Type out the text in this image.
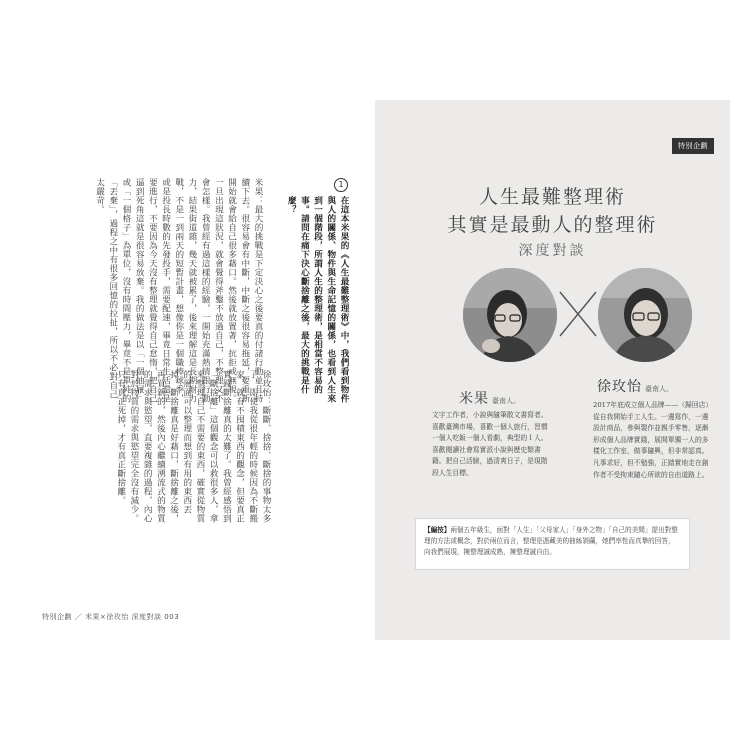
1
在這本米果的《人生最難整理術》中，我們看到物件與人的關係、物件與生命記憶的關係，也看到人生來到一個階段，所謂人生的整理術，是相當不容易的事。請問在痛下決心斷捨離之後，最大的挑戰是什麼？
米果：最大的挑戰是下定決心之後要真的付諸行動並且持續下去。很容易會有中斷，中斷之後很容易拖延，要重新開始就會給自己很多藉口。然後就放置著，抗拒或無視。一旦出現這狀況，就會覺得斧鑿不放過自己，不整理又不會怎樣。我曾經有過這樣的經驗，一開始充滿熱情跟行動力，結果街道雜，幾天就被累了，後來理解這是長期耐力戰，不是一到兩天的短暫計畫，想像你是一個職棒球季，或是投長時數的先發投手，需要配速，畢竟日常生活還是要進行，不要因為今天沒有整理就覺得自己怠惰，把自己逼到死角這就是很容易放棄。我的做法是以「一個抽屜」或「一個格子」為單位，沒有時間壓力，畢竟不是單純的「丟棄」，過程之中有很多回憶的拉扯，所以不必對自己太嚴苛。
徐玫怡：斷斷、捨捨、斷捨的事物太多了，即使我從很年輕的時候因為不斷搬家，就有不囤積東西的觀念，但要真正實踐斷捨離真的太難了。我曾經感悟到「斷捨離」這個觀念可以救很多人，拿來整理自己不需要的東西，確實從物質的層面可以整理而想到有用的東西丟掉。斷捨離真是好藉口，斷捨離之後，再買新的，然後內心繼續湧流式的物質的需求與慾望，直要複雜的過程，內心對於物質的需求與慾望完全沒有減少。只有真正死掉，才有真正斷捨離。
特別企劃 ／ 米果×徐玫怡 深度對談 003
特別企劃
人生最難整理術
其實是最動人的整理術
深度對談
米果 臺南人。
文字工作者，小說與隨筆散文書寫者。喜歡臺灣市場，喜歡一個人旅行，習慣一個人吃飯一個人看劇，典型的Ｉ人。喜歡閱讀社會寫實派小說與歷史類書籍。把自己活臉，過清爽日子，是現階段人生目標。
徐玫怡 臺南人。
2017年底成立個人品牌——（歸回店）從自我開始手工人生。一邊寫作，一邊設計商品，參與製作並親手零售，逐漸形成個人品牌實踐，展開單獨一人的多樣化工作室，做事隨興，但非常認真。凡事求好，但不勉強，正踏實地走在創作者不受拘束隨心所欲的自由道路上。
【編按】兩個五年級生，面對「人生」「父母家人」「身外之物」「自己的美間」提出對整理的方法或概念，對於兩位而言，整理是憑藏美的抽絲剝繭，她們率性而真摯的回答，向我們展現，擁整理誠成熟，擁整理誠自由。
